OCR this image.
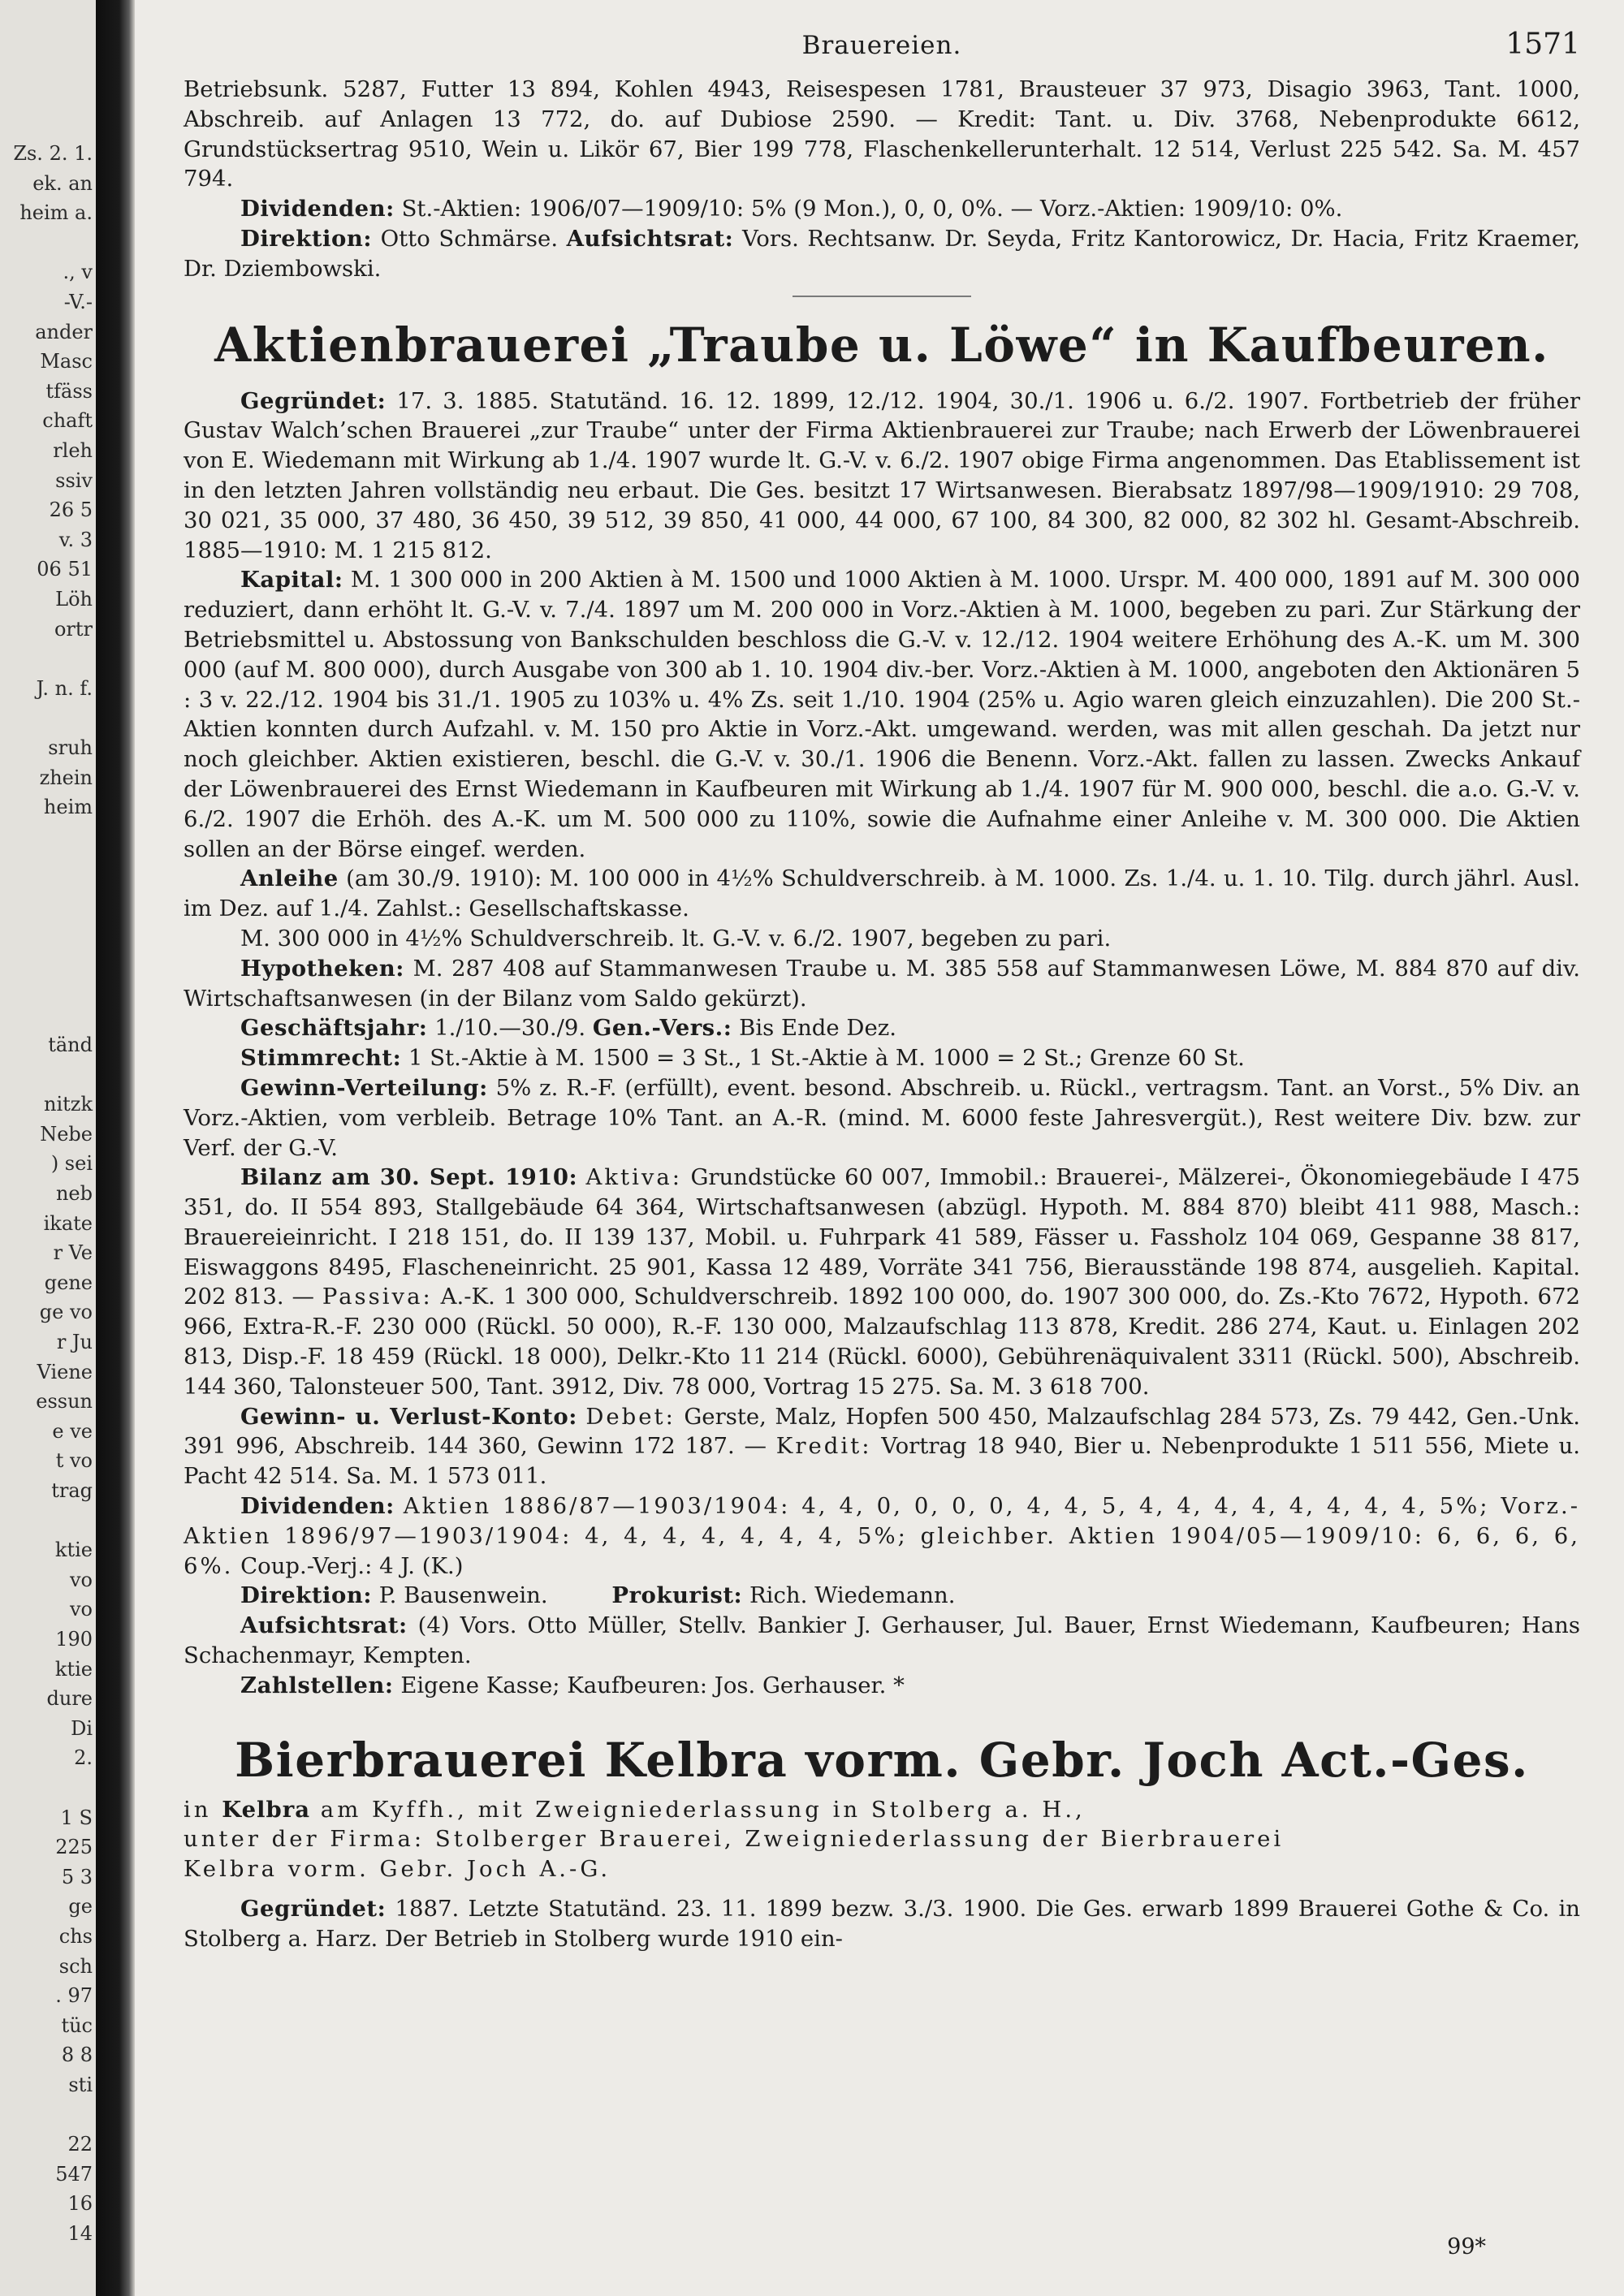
Zs. 2. 1.
ek. an
heim a.
., v
-V.-
ander
Masc
tfäss
chaft
rleh
ssiv
26 5
v. 3
06 51
Löh
ortr
J. n. f.
sruh
zhein
heim
tänd
nitzk
Nebe
) sei
neb
ikate
r Ve
gene
ge vo
r Ju
Viene
essun
e ve
t vo
trag
ktie
vo
vo
190
ktie
dure
Di
2.
1 S
225
5 3
ge
chs
sch
. 97
tüc
8 8
sti
22
547
16
14
Brauereien.	1571

Betriebsunk. 5287, Futter 13 894, Kohlen 4943, Reisespesen 1781, Brausteuer 37 973, Disagio 3963, Tant. 1000, Abschreib. auf Anlagen 13 772, do. auf Dubiose 2590. — Kredit: Tant. u. Div. 3768, Nebenprodukte 6612, Grundstücksertrag 9510, Wein u. Likör 67, Bier 199 778, Flaschenkellerunterhalt. 12 514, Verlust 225 542. Sa. M. 457 794.

Dividenden: St.-Aktien: 1906/07—1909/10: 5% (9 Mon.), 0, 0, 0%. — Vorz.-Aktien: 1909/10: 0%.

Direktion: Otto Schmärse. Aufsichtsrat: Vors. Rechtsanw. Dr. Seyda, Fritz Kantorowicz, Dr. Hacia, Fritz Kraemer, Dr. Dziembowski.

Aktienbrauerei „Traube u. Löwe“ in Kaufbeuren.

Gegründet: 17. 3. 1885. Statutänd. 16. 12. 1899, 12./12. 1904, 30./1. 1906 u. 6./2. 1907. Fortbetrieb der früher Gustav Walch’schen Brauerei „zur Traube“ unter der Firma Aktienbrauerei zur Traube; nach Erwerb der Löwenbrauerei von E. Wiedemann mit Wirkung ab 1./4. 1907 wurde lt. G.-V. v. 6./2. 1907 obige Firma angenommen. Das Etablissement ist in den letzten Jahren vollständig neu erbaut. Die Ges. besitzt 17 Wirtsanwesen. Bierabsatz 1897/98—1909/1910: 29 708, 30 021, 35 000, 37 480, 36 450, 39 512, 39 850, 41 000, 44 000, 67 100, 84 300, 82 000, 82 302 hl. Gesamt-Abschreib. 1885—1910: M. 1 215 812.

Kapital: M. 1 300 000 in 200 Aktien à M. 1500 und 1000 Aktien à M. 1000. Urspr. M. 400 000, 1891 auf M. 300 000 reduziert, dann erhöht lt. G.-V. v. 7./4. 1897 um M. 200 000 in Vorz.-Aktien à M. 1000, begeben zu pari. Zur Stärkung der Betriebsmittel u. Abstossung von Bankschulden beschloss die G.-V. v. 12./12. 1904 weitere Erhöhung des A.-K. um M. 300 000 (auf M. 800 000), durch Ausgabe von 300 ab 1. 10. 1904 div.-ber. Vorz.-Aktien à M. 1000, angeboten den Aktionären 5 : 3 v. 22./12. 1904 bis 31./1. 1905 zu 103% u. 4% Zs. seit 1./10. 1904 (25% u. Agio waren gleich einzuzahlen). Die 200 St.-Aktien konnten durch Aufzahl. v. M. 150 pro Aktie in Vorz.-Akt. umgewand. werden, was mit allen geschah. Da jetzt nur noch gleichber. Aktien existieren, beschl. die G.-V. v. 30./1. 1906 die Benenn. Vorz.-Akt. fallen zu lassen. Zwecks Ankauf der Löwenbrauerei des Ernst Wiedemann in Kaufbeuren mit Wirkung ab 1./4. 1907 für M. 900 000, beschl. die a.o. G.-V. v. 6./2. 1907 die Erhöh. des A.-K. um M. 500 000 zu 110%, sowie die Aufnahme einer Anleihe v. M. 300 000. Die Aktien sollen an der Börse eingef. werden.

Anleihe (am 30./9. 1910): M. 100 000 in 4½% Schuldverschreib. à M. 1000. Zs. 1./4. u. 1. 10. Tilg. durch jährl. Ausl. im Dez. auf 1./4. Zahlst.: Gesellschaftskasse.

M. 300 000 in 4½% Schuldverschreib. lt. G.-V. v. 6./2. 1907, begeben zu pari.

Hypotheken: M. 287 408 auf Stammanwesen Traube u. M. 385 558 auf Stammanwesen Löwe, M. 884 870 auf div. Wirtschaftsanwesen (in der Bilanz vom Saldo gekürzt).

Geschäftsjahr: 1./10.—30./9. Gen.-Vers.: Bis Ende Dez.

Stimmrecht: 1 St.-Aktie à M. 1500 = 3 St., 1 St.-Aktie à M. 1000 = 2 St.; Grenze 60 St.

Gewinn-Verteilung: 5% z. R.-F. (erfüllt), event. besond. Abschreib. u. Rückl., vertragsm. Tant. an Vorst., 5% Div. an Vorz.-Aktien, vom verbleib. Betrage 10% Tant. an A.-R. (mind. M. 6000 feste Jahresvergüt.), Rest weitere Div. bzw. zur Verf. der G.-V.

Bilanz am 30. Sept. 1910: Aktiva: Grundstücke 60 007, Immobil.: Brauerei-, Mälzerei-, Ökonomiegebäude I 475 351, do. II 554 893, Stallgebäude 64 364, Wirtschaftsanwesen (abzügl. Hypoth. M. 884 870) bleibt 411 988, Masch.: Brauereieinricht. I 218 151, do. II 139 137, Mobil. u. Fuhrpark 41 589, Fässer u. Fassholz 104 069, Gespanne 38 817, Eiswaggons 8495, Flascheneinricht. 25 901, Kassa 12 489, Vorräte 341 756, Bierausstände 198 874, ausgelieh. Kapital. 202 813. — Passiva: A.-K. 1 300 000, Schuldverschreib. 1892 100 000, do. 1907 300 000, do. Zs.-Kto 7672, Hypoth. 672 966, Extra-R.-F. 230 000 (Rückl. 50 000), R.-F. 130 000, Malzaufschlag 113 878, Kredit. 286 274, Kaut. u. Einlagen 202 813, Disp.-F. 18 459 (Rückl. 18 000), Delkr.-Kto 11 214 (Rückl. 6000), Gebührenäquivalent 3311 (Rückl. 500), Abschreib. 144 360, Talonsteuer 500, Tant. 3912, Div. 78 000, Vortrag 15 275. Sa. M. 3 618 700.

Gewinn- u. Verlust-Konto: Debet: Gerste, Malz, Hopfen 500 450, Malzaufschlag 284 573, Zs. 79 442, Gen.-Unk. 391 996, Abschreib. 144 360, Gewinn 172 187. — Kredit: Vortrag 18 940, Bier u. Nebenprodukte 1 511 556, Miete u. Pacht 42 514. Sa. M. 1 573 011.

Dividenden: Aktien 1886/87—1903/1904: 4, 4, 0, 0, 0, 0, 4, 4, 5, 4, 4, 4, 4, 4, 4, 4, 4, 5%; Vorz.-Aktien 1896/97—1903/1904: 4, 4, 4, 4, 4, 4, 4, 5%; gleichber. Aktien 1904/05—1909/10: 6, 6, 6, 6, 6%. Coup.-Verj.: 4 J. (K.)

Direktion: P. Bausenwein.	Prokurist: Rich. Wiedemann.

Aufsichtsrat: (4) Vors. Otto Müller, Stellv. Bankier J. Gerhauser, Jul. Bauer, Ernst Wiedemann, Kaufbeuren; Hans Schachenmayr, Kempten.

Zahlstellen: Eigene Kasse; Kaufbeuren: Jos. Gerhauser. *

Bierbrauerei Kelbra vorm. Gebr. Joch Act.-Ges.

in Kelbra am Kyffh., mit Zweigniederlassung in Stolberg a. H.,

unter der Firma: Stolberger Brauerei, Zweigniederlassung der Bierbrauerei

Kelbra vorm. Gebr. Joch A.-G.

Gegründet: 1887. Letzte Statutänd. 23. 11. 1899 bezw. 3./3. 1900. Die Ges. erwarb 1899 Brauerei Gothe & Co. in Stolberg a. Harz. Der Betrieb in Stolberg wurde 1910 ein-

99*
